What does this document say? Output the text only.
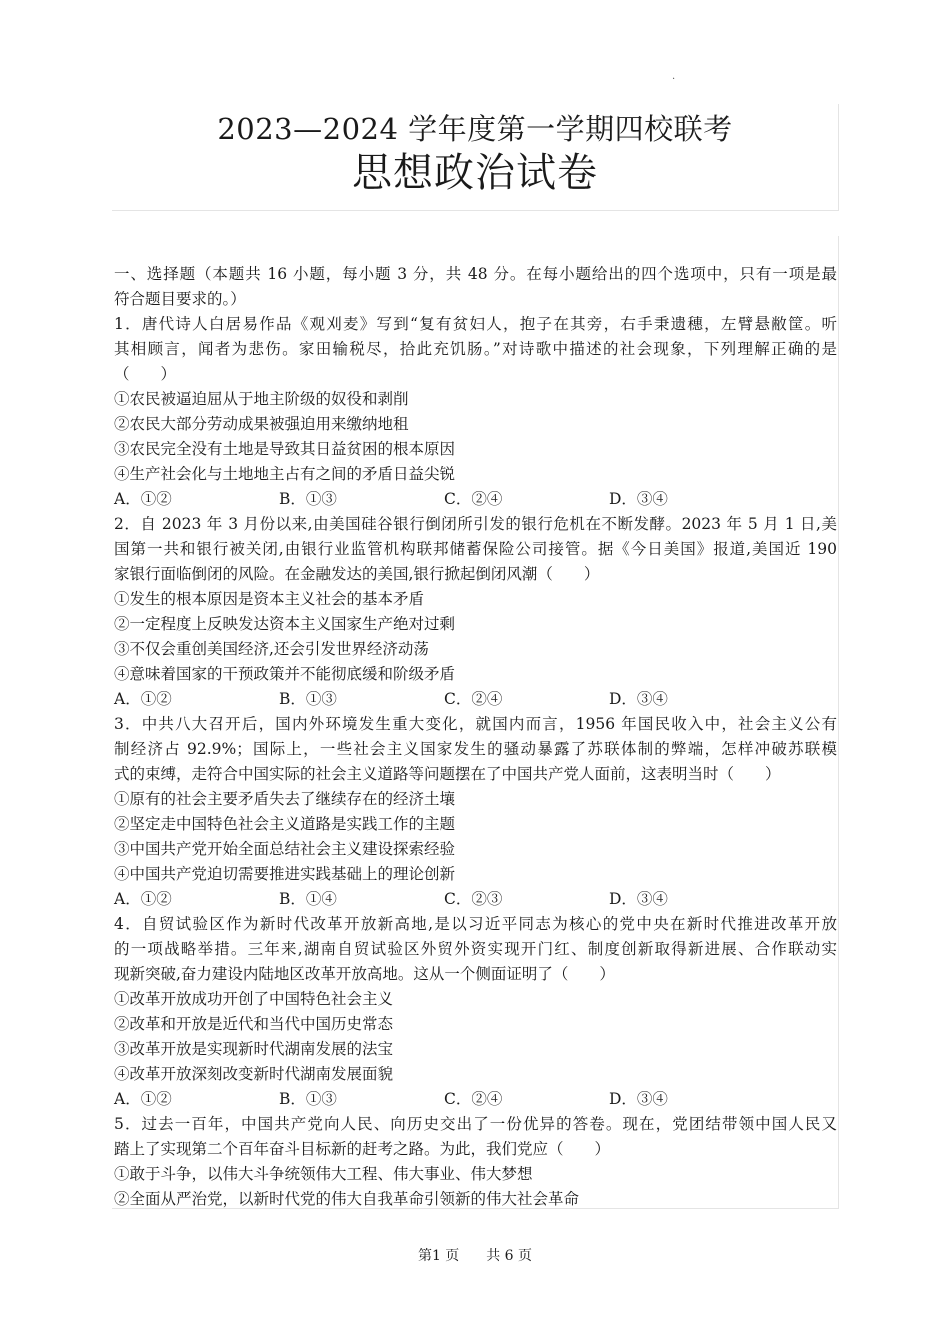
.
2023—2024 学年度第一学期四校联考
思想政治试卷
一、选择题（本题共 16 小题，每小题 3 分，共 48 分。在每小题给出的四个选项中，只有一项是最
符合题目要求的。）
1．唐代诗人白居易作品《观刈麦》写到“复有贫妇人，抱子在其旁，右手秉遗穗，左臂悬敝筐。听
其相顾言，闻者为悲伤。家田输税尽，拾此充饥肠。”对诗歌中描述的社会现象，下列理解正确的是
（　　）
①农民被逼迫屈从于地主阶级的奴役和剥削
②农民大部分劳动成果被强迫用来缴纳地租
③农民完全没有土地是导致其日益贫困的根本原因
④生产社会化与土地地主占有之间的矛盾日益尖锐
A．①②	B．①③	C．②④	D．③④
2．自 2023 年 3 月份以来,由美国硅谷银行倒闭所引发的银行危机在不断发酵。2023 年 5 月 1 日,美
国第一共和银行被关闭,由银行业监管机构联邦储蓄保险公司接管。据《今日美国》报道,美国近 190
家银行面临倒闭的风险。在金融发达的美国,银行掀起倒闭风潮（　　）
①发生的根本原因是资本主义社会的基本矛盾
②一定程度上反映发达资本主义国家生产绝对过剩
③不仅会重创美国经济,还会引发世界经济动荡
④意味着国家的干预政策并不能彻底缓和阶级矛盾
A．①②	B．①③	C．②④	D．③④
3．中共八大召开后，国内外环境发生重大变化，就国内而言，1956 年国民收入中，社会主义公有
制经济占 92.9%；国际上，一些社会主义国家发生的骚动暴露了苏联体制的弊端，怎样冲破苏联模
式的束缚，走符合中国实际的社会主义道路等问题摆在了中国共产党人面前，这表明当时（　　）
①原有的社会主要矛盾失去了继续存在的经济土壤
②坚定走中国特色社会主义道路是实践工作的主题
③中国共产党开始全面总结社会主义建设探索经验
④中国共产党迫切需要推进实践基础上的理论创新
A．①②	B．①④	C．②③	D．③④
4．自贸试验区作为新时代改革开放新高地,是以习近平同志为核心的党中央在新时代推进改革开放
的一项战略举措。三年来,湖南自贸试验区外贸外资实现开门红、制度创新取得新进展、合作联动实
现新突破,奋力建设内陆地区改革开放高地。这从一个侧面证明了（　　）
①改革开放成功开创了中国特色社会主义
②改革和开放是近代和当代中国历史常态
③改革开放是实现新时代湖南发展的法宝
④改革开放深刻改变新时代湖南发展面貌
A．①②	B．①③	C．②④	D．③④
5．过去一百年，中国共产党向人民、向历史交出了一份优异的答卷。现在，党团结带领中国人民又
踏上了实现第二个百年奋斗目标新的赶考之路。为此，我们党应（　　）
①敢于斗争，以伟大斗争统领伟大工程、伟大事业、伟大梦想
②全面从严治党，以新时代党的伟大自我革命引领新的伟大社会革命
第1 页 共 6 页
